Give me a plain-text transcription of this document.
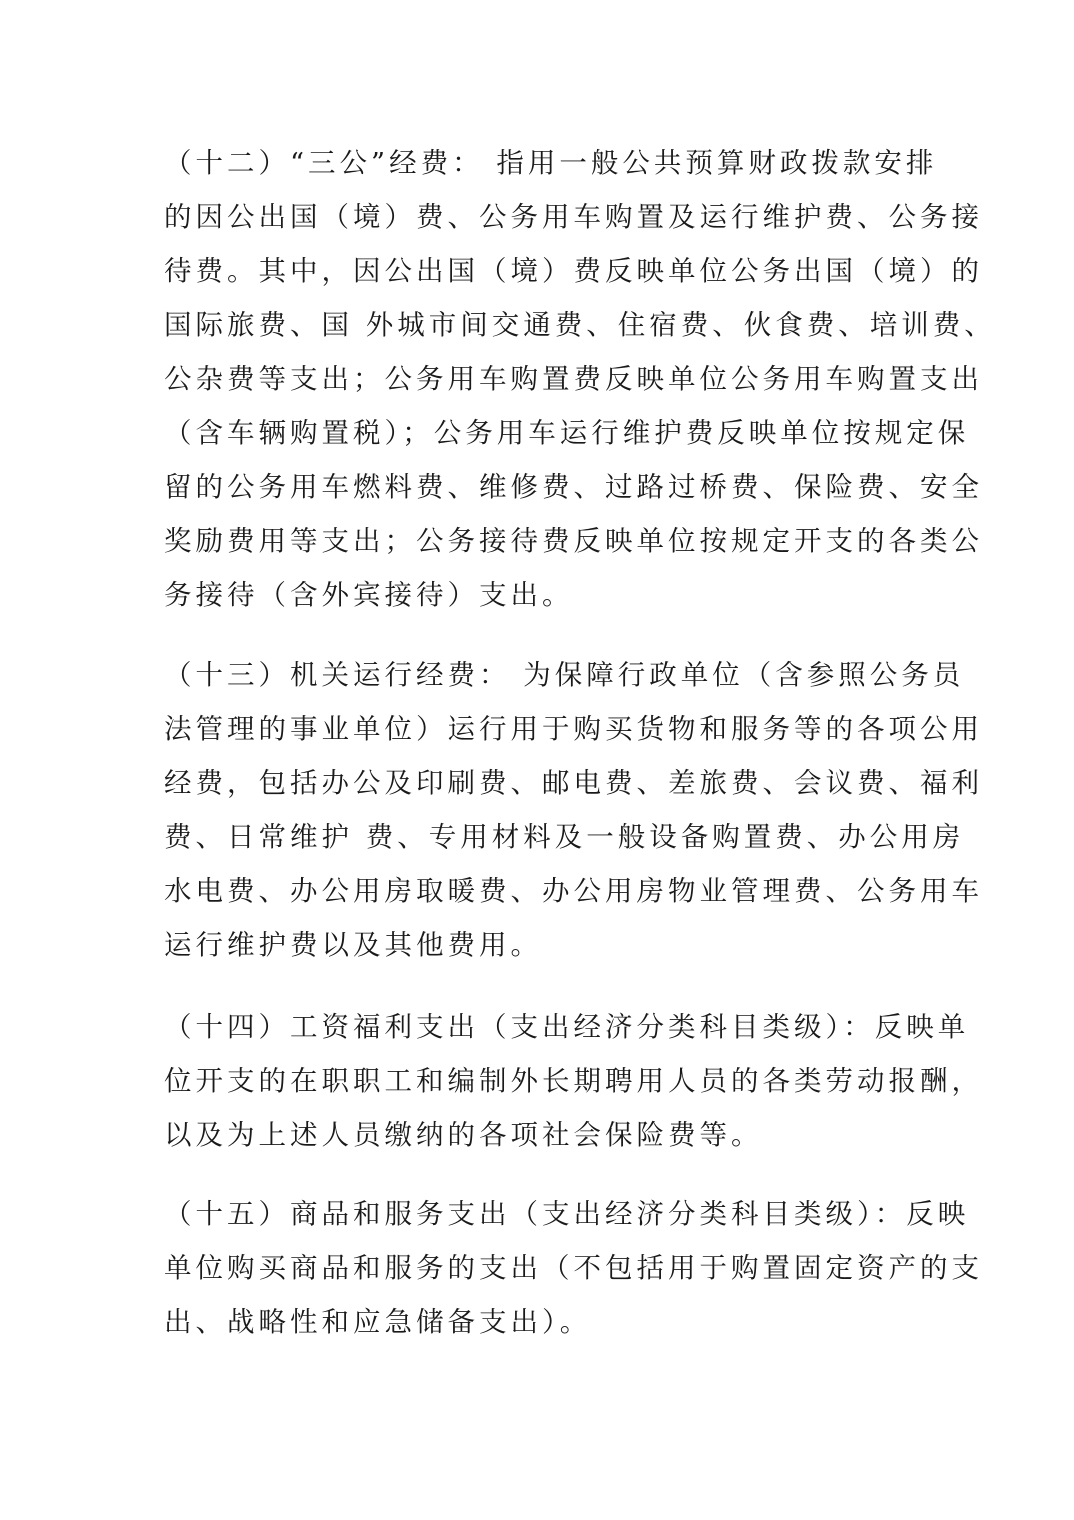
（十二）“三公”经费： 指用一般公共预算财政拨款安排
的因公出国（境）费、公务用车购置及运行维护费、公务接
待费。其中，因公出国（境）费反映单位公务出国（境）的
国际旅费、国 外城市间交通费、住宿费、伙食费、培训费、
公杂费等支出；公务用车购置费反映单位公务用车购置支出
（含车辆购置税）；公务用车运行维护费反映单位按规定保
留的公务用车燃料费、维修费、过路过桥费、保险费、安全
奖励费用等支出；公务接待费反映单位按规定开支的各类公
务接待（含外宾接待）支出。
（十三）机关运行经费： 为保障行政单位（含参照公务员
法管理的事业单位）运行用于购买货物和服务等的各项公用
经费，包括办公及印刷费、邮电费、差旅费、会议费、福利
费、日常维护 费、专用材料及一般设备购置费、办公用房
水电费、办公用房取暖费、办公用房物业管理费、公务用车
运行维护费以及其他费用。
（十四）工资福利支出（支出经济分类科目类级）：反映单
位开支的在职职工和编制外长期聘用人员的各类劳动报酬，
以及为上述人员缴纳的各项社会保险费等。
（十五）商品和服务支出（支出经济分类科目类级）：反映
单位购买商品和服务的支出（不包括用于购置固定资产的支
出、战略性和应急储备支出）。
